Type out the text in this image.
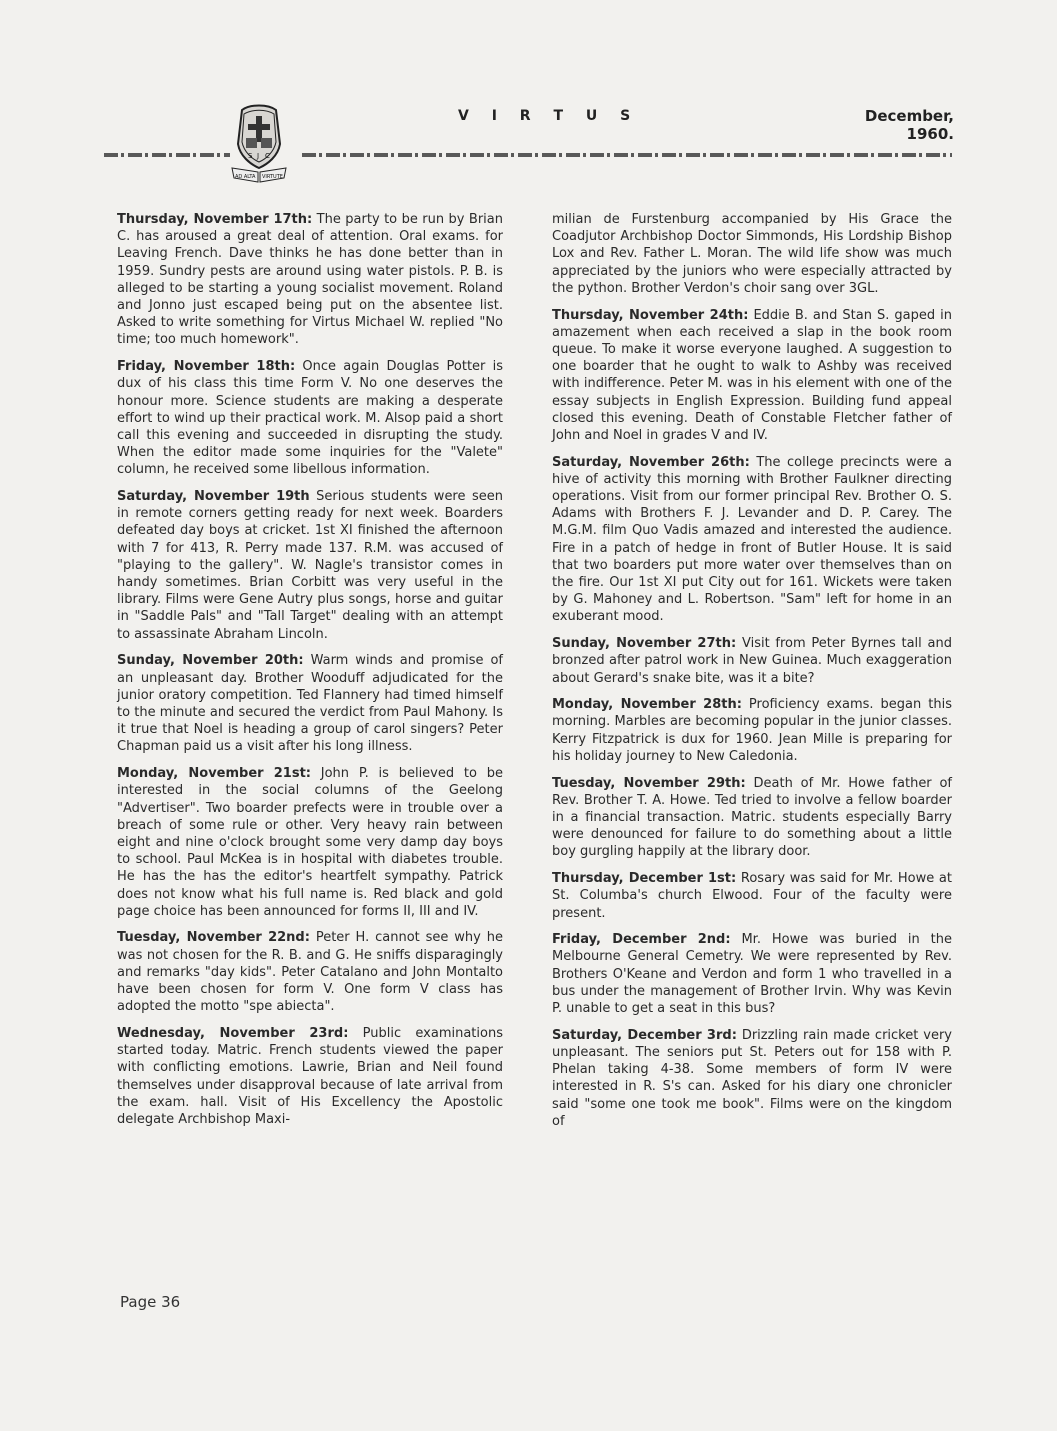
S J C
AD ALTA VIRTUTE
V I R T U S	December, 1960.

Thursday, November 17th: The party to be run by Brian C. has aroused a great deal of attention. Oral exams. for Leaving French. Dave thinks he has done better than in 1959. Sundry pests are around using water pistols. P. B. is alleged to be starting a young socialist movement. Roland and Jonno just escaped being put on the absentee list. Asked to write something for Virtus Michael W. replied "No time; too much homework".

Friday, November 18th: Once again Douglas Potter is dux of his class this time Form V. No one deserves the honour more. Science students are making a desperate effort to wind up their practical work. M. Alsop paid a short call this evening and succeeded in disrupting the study. When the editor made some inquiries for the "Valete" column, he received some libellous information.

Saturday, November 19th Serious students were seen in remote corners getting ready for next week. Boarders defeated day boys at cricket. 1st XI finished the afternoon with 7 for 413, R. Perry made 137. R.M. was accused of "playing to the gallery". W. Nagle's transistor comes in handy sometimes. Brian Corbitt was very useful in the library. Films were Gene Autry plus songs, horse and guitar in "Saddle Pals" and "Tall Target" dealing with an attempt to assassinate Abraham Lincoln.

Sunday, November 20th: Warm winds and promise of an unpleasant day. Brother Wooduff adjudicated for the junior oratory competition. Ted Flannery had timed himself to the minute and secured the verdict from Paul Mahony. Is it true that Noel is heading a group of carol singers? Peter Chapman paid us a visit after his long illness.

Monday, November 21st: John P. is believed to be interested in the social columns of the Geelong "Advertiser". Two boarder prefects were in trouble over a breach of some rule or other. Very heavy rain between eight and nine o'clock brought some very damp day boys to school. Paul McKea is in hospital with diabetes trouble. He has the has the editor's heartfelt sympathy. Patrick does not know what his full name is. Red black and gold page choice has been announced for forms II, III and IV.

Tuesday, November 22nd: Peter H. cannot see why he was not chosen for the R. B. and G. He sniffs disparagingly and remarks "day kids". Peter Catalano and John Montalto have been chosen for form V. One form V class has adopted the motto "spe abiecta".

Wednesday, November 23rd: Public examinations started today. Matric. French students viewed the paper with conflicting emotions. Lawrie, Brian and Neil found themselves under disapproval because of late arrival from the exam. hall. Visit of His Excellency the Apostolic delegate Archbishop Maxi-

milian de Furstenburg accompanied by His Grace the Coadjutor Archbishop Doctor Simmonds, His Lordship Bishop Lox and Rev. Father L. Moran. The wild life show was much appreciated by the juniors who were especially attracted by the python. Brother Verdon's choir sang over 3GL.

Thursday, November 24th: Eddie B. and Stan S. gaped in amazement when each received a slap in the book room queue. To make it worse everyone laughed. A suggestion to one boarder that he ought to walk to Ashby was received with indifference. Peter M. was in his element with one of the essay subjects in English Expression. Building fund appeal closed this evening. Death of Constable Fletcher father of John and Noel in grades V and IV.

Saturday, November 26th: The college precincts were a hive of activity this morning with Brother Faulkner directing operations. Visit from our former principal Rev. Brother O. S. Adams with Brothers F. J. Levander and D. P. Carey. The M.G.M. film Quo Vadis amazed and interested the audience. Fire in a patch of hedge in front of Butler House. It is said that two boarders put more water over themselves than on the fire. Our 1st XI put City out for 161. Wickets were taken by G. Mahoney and L. Robertson. "Sam" left for home in an exuberant mood.

Sunday, November 27th: Visit from Peter Byrnes tall and bronzed after patrol work in New Guinea. Much exaggeration about Gerard's snake bite, was it a bite?

Monday, November 28th: Proficiency exams. began this morning. Marbles are becoming popular in the junior classes. Kerry Fitzpatrick is dux for 1960. Jean Mille is preparing for his holiday journey to New Caledonia.

Tuesday, November 29th: Death of Mr. Howe father of Rev. Brother T. A. Howe. Ted tried to involve a fellow boarder in a financial transaction. Matric. students especially Barry were denounced for failure to do something about a little boy gurgling happily at the library door.

Thursday, December 1st: Rosary was said for Mr. Howe at St. Columba's church Elwood. Four of the faculty were present.

Friday, December 2nd: Mr. Howe was buried in the Melbourne General Cemetry. We were represented by Rev. Brothers O'Keane and Verdon and form 1 who travelled in a bus under the management of Brother Irvin. Why was Kevin P. unable to get a seat in this bus?

Saturday, December 3rd: Drizzling rain made cricket very unpleasant. The seniors put St. Peters out for 158 with P. Phelan taking 4-38. Some members of form IV were interested in R. S's can. Asked for his diary one chronicler said "some one took me book". Films were on the kingdom of

Page 36
